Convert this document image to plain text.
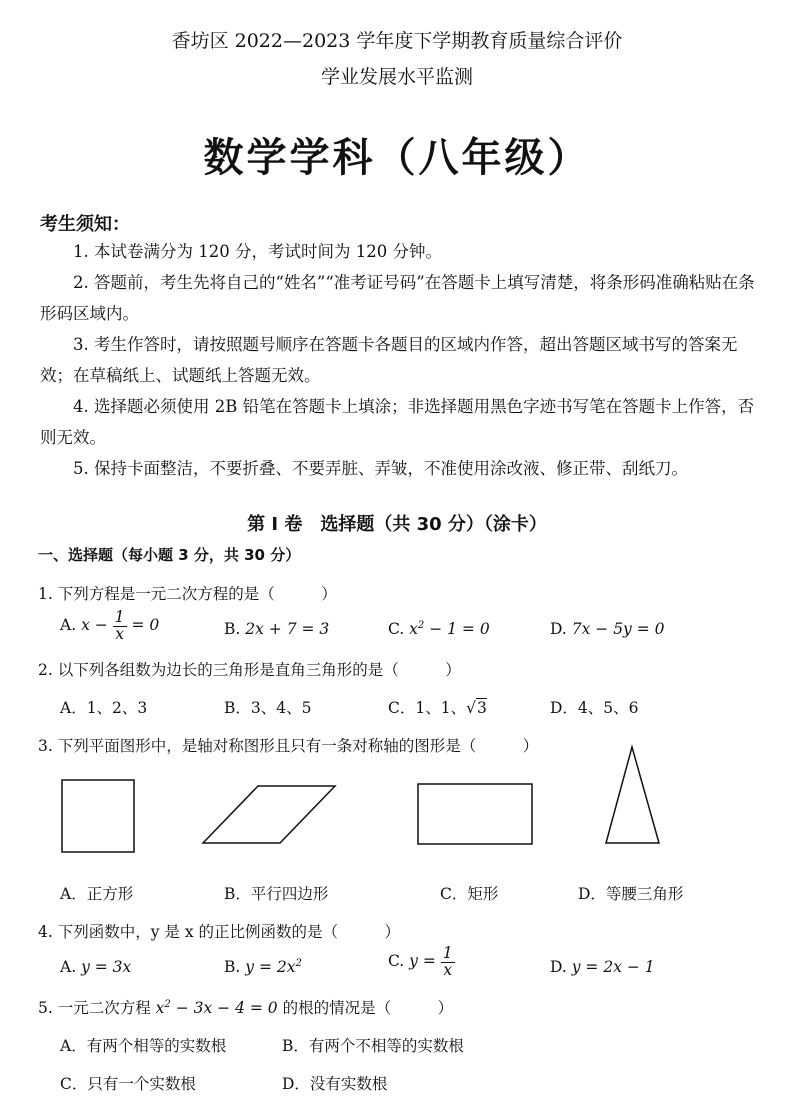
香坊区 2022—2023 学年度下学期教育质量综合评价
学业发展水平监测
数学学科（八年级）
考生须知：

1. 本试卷满分为 120 分，考试时间为 120 分钟。

2. 答题前，考生先将自己的“姓名”“准考证号码”在答题卡上填写清楚，将条形码准确粘贴在条形码区域内。

3. 考生作答时，请按照题号顺序在答题卡各题目的区域内作答，超出答题区域书写的答案无效；在草稿纸上、试题纸上答题无效。

4. 选择题必须使用 2B 铅笔在答题卡上填涂；非选择题用黑色字迹书写笔在答题卡上作答，否则无效。

5. 保持卡面整洁，不要折叠、不要弄脏、弄皱，不准使用涂改液、修正带、刮纸刀。

第 Ⅰ 卷　选择题（共 30 分）（涂卡）
一、选择题（每小题 3 分，共 30 分）
1. 下列方程是一元二次方程的是（　　　）
A. $x - \frac{1}{x} = 0$	B. 2x + 7 = 3	C. $x^2 - 1 = 0$	D. 7x − 5y = 0
2. 以下列各组数为边长的三角形是直角三角形的是（　　　）
A．1、2、3	B．3、4、5	C．1、1、√3	D．4、5、6
3. 下列平面图形中，是轴对称图形且只有一条对称轴的图形是（　　　）
A．正方形	B．平行四边形	C．矩形	D．等腰三角形
4. 下列函数中，y 是 x 的正比例函数的是（　　　）
A. y = 3x	B. $y = 2x^2$	C. $y = \frac{1}{x}$	D. y = 2x − 1
5. 一元二次方程 $x^2 - 3x - 4 = 0$ 的根的情况是（　　　）
A．有两个相等的实数根	B．有两个不相等的实数根
C．只有一个实数根	D．没有实数根
